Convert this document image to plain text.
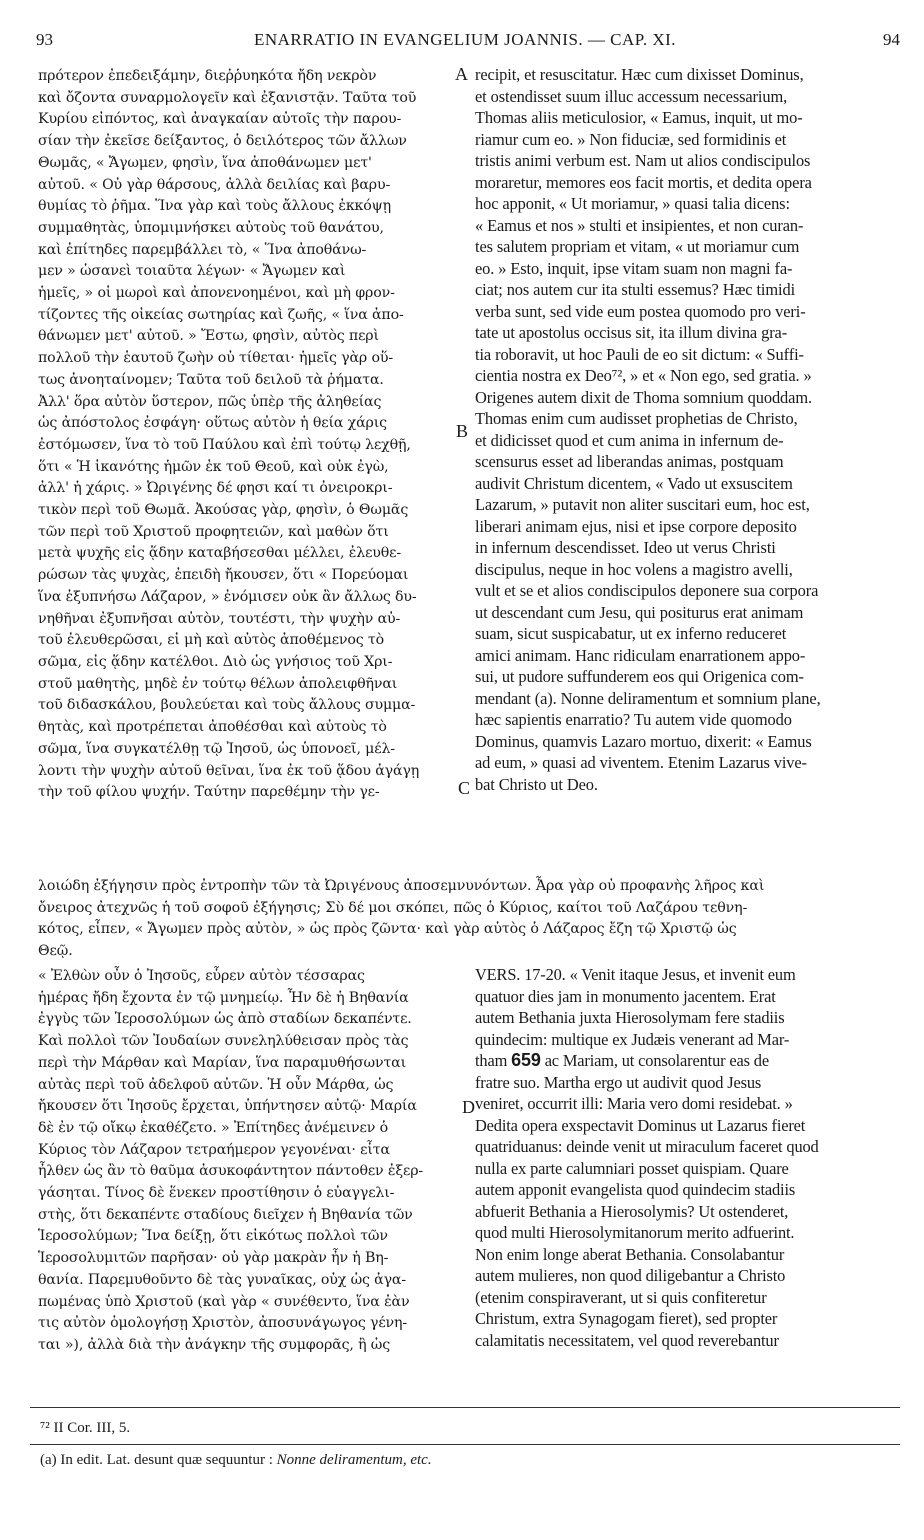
93	ENARRATIO IN EVANGELIUM JOANNIS. — CAP. XI.	94
πρότερον ἐπεδειξάμην, διεῤῥυηκότα ἤδη νεκρὸν
καὶ ὄζοντα συναρμολογεῖν καὶ ἐξανιστᾷν. Ταῦτα τοῦ
Κυρίου εἰπόντος, καὶ ἀναγκαίαν αὐτοῖς τὴν παρου-
σίαν τὴν ἐκεῖσε δείξαντος, ὁ δειλότερος τῶν ἄλλων
Θωμᾶς, « Ἄγωμεν, φησὶν, ἵνα ἀποθάνωμεν μετ'
αὐτοῦ. « Οὐ γὰρ θάρσους, ἀλλὰ δειλίας καὶ βαρυ-
θυμίας τὸ ῥῆμα. Ἵνα γὰρ καὶ τοὺς ἄλλους ἐκκόψῃ
συμμαθητὰς, ὑπομιμνήσκει αὐτοὺς τοῦ θανάτου,
καὶ ἐπίτηδες παρεμβάλλει τὸ, « Ἵνα ἀποθάνω-
μεν » ὡσανεὶ τοιαῦτα λέγων· « Ἄγωμεν καὶ
ἡμεῖς, » οἱ μωροὶ καὶ ἀπονενοημένοι, καὶ μὴ φρον-
τίζοντες τῆς οἰκείας σωτηρίας καὶ ζωῆς, « ἵνα ἀπο-
θάνωμεν μετ' αὐτοῦ. » Ἔστω, φησὶν, αὐτὸς περὶ
πολλοῦ τὴν ἑαυτοῦ ζωὴν οὐ τίθεται· ἡμεῖς γὰρ οὕ-
τως ἀνοηταίνομεν; Ταῦτα τοῦ δειλοῦ τὰ ῥήματα.
Ἀλλ' ὅρα αὐτὸν ὕστερον, πῶς ὑπὲρ τῆς ἀληθείας
ὡς ἀπόστολος ἐσφάγη· οὕτως αὐτὸν ἡ θεία χάρις
ἐστόμωσεν, ἵνα τὸ τοῦ Παύλου καὶ ἐπὶ τούτῳ λεχθῇ,
ὅτι « Ἡ ἱκανότης ἡμῶν ἐκ τοῦ Θεοῦ, καὶ οὐκ ἐγὼ,
ἀλλ' ἡ χάρις. » Ὠριγένης δέ φησι καί τι ὀνειροκρι-
τικὸν περὶ τοῦ Θωμᾶ. Ἀκούσας γὰρ, φησὶν, ὁ Θωμᾶς
τῶν περὶ τοῦ Χριστοῦ προφητειῶν, καὶ μαθὼν ὅτι
μετὰ ψυχῆς εἰς ᾅδην καταβήσεσθαι μέλλει, ἐλευθε-
ρώσων τὰς ψυχὰς, ἐπειδὴ ἤκουσεν, ὅτι « Πορεύομαι
ἵνα ἐξυπνήσω Λάζαρον, » ἐνόμισεν οὐκ ἂν ἄλλως δυ-
νηθῆναι ἐξυπνῆσαι αὐτὸν, τουτέστι, τὴν ψυχὴν αὐ-
τοῦ ἐλευθερῶσαι, εἰ μὴ καὶ αὐτὸς ἀποθέμενος τὸ
σῶμα, εἰς ᾅδην κατέλθοι. Διὸ ὡς γνήσιος τοῦ Χρι-
στοῦ μαθητὴς, μηδὲ ἐν τούτῳ θέλων ἀπολειφθῆναι
τοῦ διδασκάλου, βουλεύεται καὶ τοὺς ἄλλους συμμα-
θητὰς, καὶ προτρέπεται ἀποθέσθαι καὶ αὐτοὺς τὸ
σῶμα, ἵνα συγκατέλθῃ τῷ Ἰησοῦ, ὡς ὑπονοεῖ, μέλ-
λοντι τὴν ψυχὴν αὐτοῦ θεῖναι, ἵνα ἐκ τοῦ ᾅδου ἀγάγῃ
τὴν τοῦ φίλου ψυχήν. Ταύτην παρεθέμην τὴν γε-
recipit, et resuscitatur. Hæc cum dixisset Dominus,
et ostendisset suum illuc accessum necessarium,
Thomas aliis meticulosior, « Eamus, inquit, ut mo-
riamur cum eo. » Non fiduciæ, sed formidinis et
tristis animi verbum est. Nam ut alios condiscipulos
moraretur, memores eos facit mortis, et dedita opera
hoc apponit, « Ut moriamur, » quasi talia dicens:
« Eamus et nos » stulti et insipientes, et non curan-
tes salutem propriam et vitam, « ut moriamur cum
eo. » Esto, inquit, ipse vitam suam non magni fa-
ciat; nos autem cur ita stulti essemus? Hæc timidi
verba sunt, sed vide eum postea quomodo pro veri-
tate ut apostolus occisus sit, ita illum divina gra-
tia roboravit, ut hoc Pauli de eo sit dictum: « Suffi-
cientia nostra ex Deo⁷², » et « Non ego, sed gratia. »
Origenes autem dixit de Thoma somnium quoddam.
Thomas enim cum audisset prophetias de Christo,
et didicisset quod et cum anima in infernum de-
scensurus esset ad liberandas animas, postquam
audivit Christum dicentem, « Vado ut exsuscitem
Lazarum, » putavit non aliter suscitari eum, hoc est,
liberari animam ejus, nisi et ipse corpore deposito
in infernum descendisset. Ideo ut verus Christi
discipulus, neque in hoc volens a magistro avelli,
vult et se et alios condiscipulos deponere sua corpora
ut descendant cum Jesu, qui positurus erat animam
suam, sicut suspicabatur, ut ex inferno reduceret
amici animam. Hanc ridiculam enarrationem appo-
sui, ut pudore suffunderem eos qui Origenica com-
mendant (a). Nonne deliramentum et somnium plane,
hæc sapientis enarratio? Tu autem vide quomodo
Dominus, quamvis Lazaro mortuo, dixerit: « Eamus
ad eum, » quasi ad viventem. Etenim Lazarus vive-
bat Christo ut Deo.
A
B
C
λοιώδη ἐξήγησιν πρὸς ἐντροπὴν τῶν τὰ Ὠριγένους ἀποσεμνυνόντων. Ἆρα γὰρ οὐ προφανὴς λῆρος καὶ
ὄνειρος ἀτεχνῶς ἡ τοῦ σοφοῦ ἐξήγησις; Σὺ δέ μοι σκόπει, πῶς ὁ Κύριος, καίτοι τοῦ Λαζάρου τεθνη-
κότος, εἶπεν, « Ἄγωμεν πρὸς αὐτὸν, » ὡς πρὸς ζῶντα· καὶ γὰρ αὐτὸς ὁ Λάζαρος ἔζη τῷ Χριστῷ ὡς
Θεῷ.
« Ἐλθὼν οὖν ὁ Ἰησοῦς, εὗρεν αὐτὸν τέσσαρας
ἡμέρας ἤδη ἔχοντα ἐν τῷ μνημείῳ. Ἦν δὲ ἡ Βηθανία
ἐγγὺς τῶν Ἱεροσολύμων ὡς ἀπὸ σταδίων δεκαπέντε.
Καὶ πολλοὶ τῶν Ἰουδαίων συνεληλύθεισαν πρὸς τὰς
περὶ τὴν Μάρθαν καὶ Μαρίαν, ἵνα παραμυθήσωνται
αὐτὰς περὶ τοῦ ἀδελφοῦ αὐτῶν. Ἡ οὖν Μάρθα, ὡς
ἤκουσεν ὅτι Ἰησοῦς ἔρχεται, ὑπήντησεν αὐτῷ· Μαρία
δὲ ἐν τῷ οἴκῳ ἐκαθέζετο. » Ἐπίτηδες ἀνέμεινεν ὁ
Κύριος τὸν Λάζαρον τετραήμερον γεγονέναι· εἶτα
ἦλθεν ὡς ἂν τὸ θαῦμα ἀσυκοφάντητον πάντοθεν ἐξερ-
γάσηται. Τίνος δὲ ἕνεκεν προστίθησιν ὁ εὐαγγελι-
στὴς, ὅτι δεκαπέντε σταδίους διεῖχεν ἡ Βηθανία τῶν
Ἱεροσολύμων; Ἵνα δείξῃ, ὅτι εἰκότως πολλοὶ τῶν
Ἱεροσολυμιτῶν παρῆσαν· οὐ γὰρ μακρὰν ἦν ἡ Βη-
θανία. Παρεμυθοῦντο δὲ τὰς γυναῖκας, οὐχ ὡς ἀγα-
πωμένας ὑπὸ Χριστοῦ (καὶ γὰρ « συνέθεντο, ἵνα ἐὰν
τις αὐτὸν ὁμολογήσῃ Χριστὸν, ἀποσυνάγωγος γένη-
ται »), ἀλλὰ διὰ τὴν ἀνάγκην τῆς συμφορᾶς, ἢ ὡς
VERS. 17-20. « Venit itaque Jesus, et invenit eum
quatuor dies jam in monumento jacentem. Erat
autem Bethania juxta Hierosolymam fere stadiis
quindecim: multique ex Judæis venerant ad Mar-
tham 659 ac Mariam, ut consolarentur eas de
fratre suo. Martha ergo ut audivit quod Jesus
veniret, occurrit illi: Maria vero domi residebat. »
Dedita opera exspectavit Dominus ut Lazarus fieret
quatriduanus: deinde venit ut miraculum faceret quod
nulla ex parte calumniari posset quispiam. Quare
autem apponit evangelista quod quindecim stadiis
abfuerit Bethania a Hierosolymis? Ut ostenderet,
quod multi Hierosolymitanorum merito adfuerint.
Non enim longe aberat Bethania. Consolabantur
autem mulieres, non quod diligebantur a Christo
(etenim conspiraverant, ut si quis confiteretur
Christum, extra Synagogam fieret), sed propter
calamitatis necessitatem, vel quod reverebantur
D
⁷² II Cor. III, 5.
(a) In edit. Lat. desunt quæ sequuntur : Nonne deliramentum, etc.
